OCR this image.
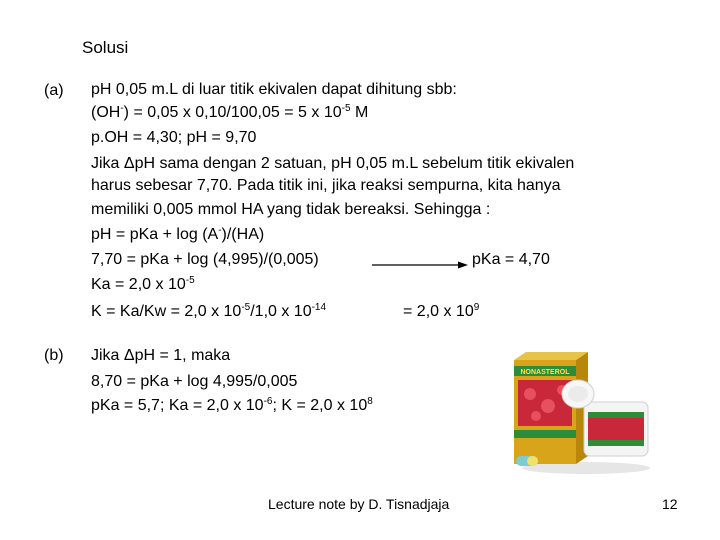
Solusi
(a) pH 0,05 m.L di luar titik ekivalen dapat dihitung sbb:
(OH-) = 0,05 x 0,10/100,05 = 5 x $10^{-5}$ M
p.OH = 4,30; pH = 9,70
Jika ΔpH sama dengan 2 satuan, pH 0,05 m.L sebelum titik ekivalen
harus sebesar 7,70. Pada titik ini, jika reaksi sempurna, kita hanya
memiliki 0,005 mmol HA yang tidak bereaksi. Sehingga :
pH = pKa + log (A-)/(HA)
7,70 = pKa + log (4,995)/(0,005)	pKa = 4,70
Ka = 2,0 x $10^{-5}$
K = Ka/Kw = 2,0 x $10^{-5}/1,0$ x $10^{-14}$	= 2,0 x $10^9$
(b) Jika ΔpH = 1, maka
8,70 = pKa + log 4,995/0,005
pKa = 5,7; Ka = 2,0 x $10^{-6}$; K = 2,0 x $10^8$
NONASTEROL
Lecture note by D. Tisnadjaja	12
